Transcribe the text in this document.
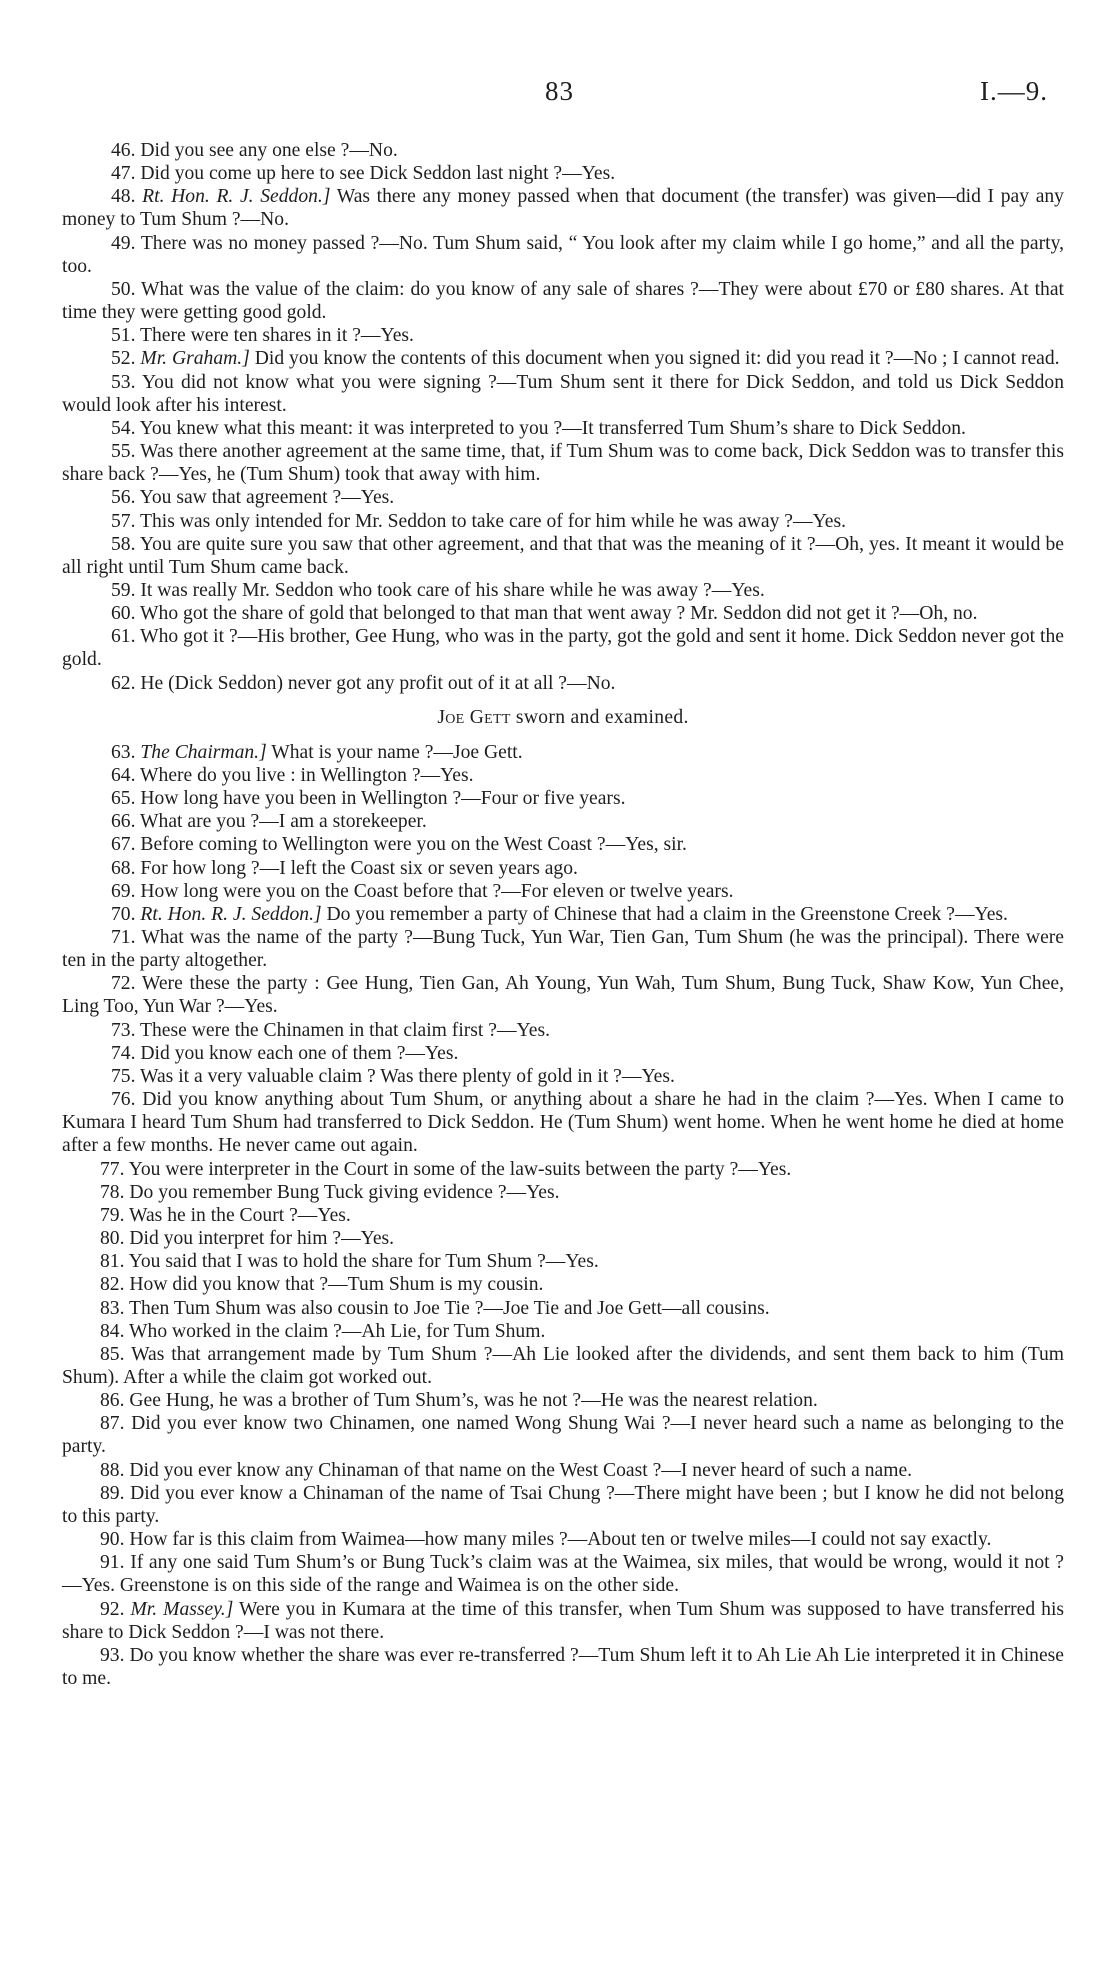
83	I.—9.

46. Did you see any one else ?—No.

47. Did you come up here to see Dick Seddon last night ?—Yes.

48. Rt. Hon. R. J. Seddon.] Was there any money passed when that document (the transfer) was given—did I pay any money to Tum Shum ?—No.

49. There was no money passed ?—No. Tum Shum said, “ You look after my claim while I go home,” and all the party, too.

50. What was the value of the claim: do you know of any sale of shares ?—They were about £70 or £80 shares. At that time they were getting good gold.

51. There were ten shares in it ?—Yes.

52. Mr. Graham.] Did you know the contents of this document when you signed it: did you read it ?—No ; I cannot read.

53. You did not know what you were signing ?—Tum Shum sent it there for Dick Seddon, and told us Dick Seddon would look after his interest.

54. You knew what this meant: it was interpreted to you ?—It transferred Tum Shum’s share to Dick Seddon.

55. Was there another agreement at the same time, that, if Tum Shum was to come back, Dick Seddon was to transfer this share back ?—Yes, he (Tum Shum) took that away with him.

56. You saw that agreement ?—Yes.

57. This was only intended for Mr. Seddon to take care of for him while he was away ?—Yes.

58. You are quite sure you saw that other agreement, and that that was the meaning of it ?—Oh, yes. It meant it would be all right until Tum Shum came back.

59. It was really Mr. Seddon who took care of his share while he was away ?—Yes.

60. Who got the share of gold that belonged to that man that went away ? Mr. Seddon did not get it ?—Oh, no.

61. Who got it ?—His brother, Gee Hung, who was in the party, got the gold and sent it home. Dick Seddon never got the gold.

62. He (Dick Seddon) never got any profit out of it at all ?—No.

Joe Gett sworn and examined.

63. The Chairman.] What is your name ?—Joe Gett.

64. Where do you live : in Wellington ?—Yes.

65. How long have you been in Wellington ?—Four or five years.

66. What are you ?—I am a storekeeper.

67. Before coming to Wellington were you on the West Coast ?—Yes, sir.

68. For how long ?—I left the Coast six or seven years ago.

69. How long were you on the Coast before that ?—For eleven or twelve years.

70. Rt. Hon. R. J. Seddon.] Do you remember a party of Chinese that had a claim in the Greenstone Creek ?—Yes.

71. What was the name of the party ?—Bung Tuck, Yun War, Tien Gan, Tum Shum (he was the principal). There were ten in the party altogether.

72. Were these the party : Gee Hung, Tien Gan, Ah Young, Yun Wah, Tum Shum, Bung Tuck, Shaw Kow, Yun Chee, Ling Too, Yun War ?—Yes.

73. These were the Chinamen in that claim first ?—Yes.

74. Did you know each one of them ?—Yes.

75. Was it a very valuable claim ? Was there plenty of gold in it ?—Yes.

76. Did you know anything about Tum Shum, or anything about a share he had in the claim ?—Yes. When I came to Kumara I heard Tum Shum had transferred to Dick Seddon. He (Tum Shum) went home. When he went home he died at home after a few months. He never came out again.

77. You were interpreter in the Court in some of the law-suits between the party ?—Yes.

78. Do you remember Bung Tuck giving evidence ?—Yes.

79. Was he in the Court ?—Yes.

80. Did you interpret for him ?—Yes.

81. You said that I was to hold the share for Tum Shum ?—Yes.

82. How did you know that ?—Tum Shum is my cousin.

83. Then Tum Shum was also cousin to Joe Tie ?—Joe Tie and Joe Gett—all cousins.

84. Who worked in the claim ?—Ah Lie, for Tum Shum.

85. Was that arrangement made by Tum Shum ?—Ah Lie looked after the dividends, and sent them back to him (Tum Shum). After a while the claim got worked out.

86. Gee Hung, he was a brother of Tum Shum’s, was he not ?—He was the nearest relation.

87. Did you ever know two Chinamen, one named Wong Shung Wai ?—I never heard such a name as belonging to the party.

88. Did you ever know any Chinaman of that name on the West Coast ?—I never heard of such a name.

89. Did you ever know a Chinaman of the name of Tsai Chung ?—There might have been ; but I know he did not belong to this party.

90. How far is this claim from Waimea—how many miles ?—About ten or twelve miles—I could not say exactly.

91. If any one said Tum Shum’s or Bung Tuck’s claim was at the Waimea, six miles, that would be wrong, would it not ?—Yes. Greenstone is on this side of the range and Waimea is on the other side.

92. Mr. Massey.] Were you in Kumara at the time of this transfer, when Tum Shum was supposed to have transferred his share to Dick Seddon ?—I was not there.

93. Do you know whether the share was ever re-transferred ?—Tum Shum left it to Ah Lie Ah Lie interpreted it in Chinese to me.
